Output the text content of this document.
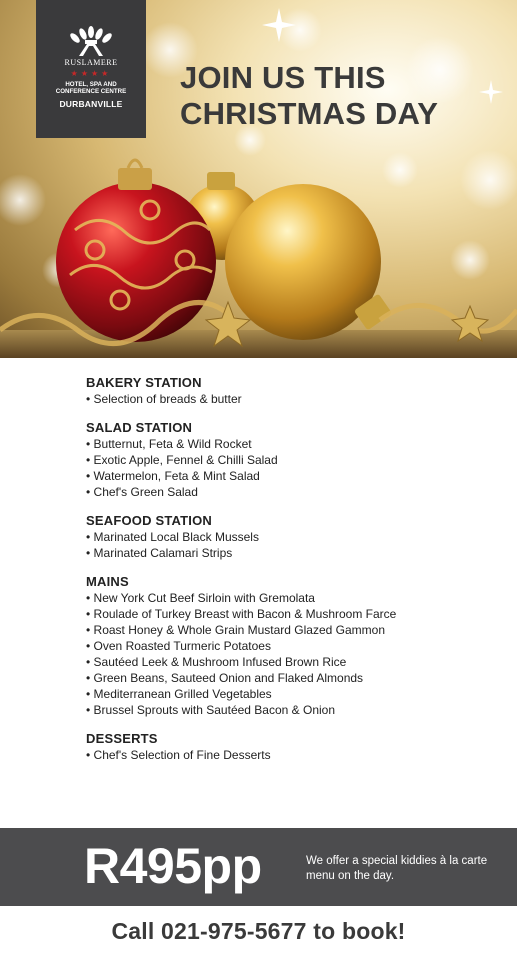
RUSLAMERE
★★★★
HOTEL, SPA AND
CONFERENCE CENTRE
DURBANVILLE
JOIN US THIS
CHRISTMAS DAY
BAKERY STATION
• Selection of breads & butter
SALAD STATION
• Butternut, Feta & Wild Rocket
• Exotic Apple, Fennel & Chilli Salad
• Watermelon, Feta & Mint Salad
• Chef's Green Salad
SEAFOOD STATION
• Marinated Local Black Mussels
• Marinated Calamari Strips
MAINS
• New York Cut Beef Sirloin with Gremolata
• Roulade of Turkey Breast with Bacon & Mushroom Farce
• Roast Honey & Whole Grain Mustard Glazed Gammon
• Oven Roasted Turmeric Potatoes
• Sautéed Leek & Mushroom Infused Brown Rice
• Green Beans, Sauteed Onion and Flaked Almonds
• Mediterranean Grilled Vegetables
• Brussel Sprouts with Sautéed Bacon & Onion
DESSERTS
• Chef's Selection of Fine Desserts
R495pp	We offer a special kiddies à la carte menu on the day.
Call 021-975-5677 to book!
